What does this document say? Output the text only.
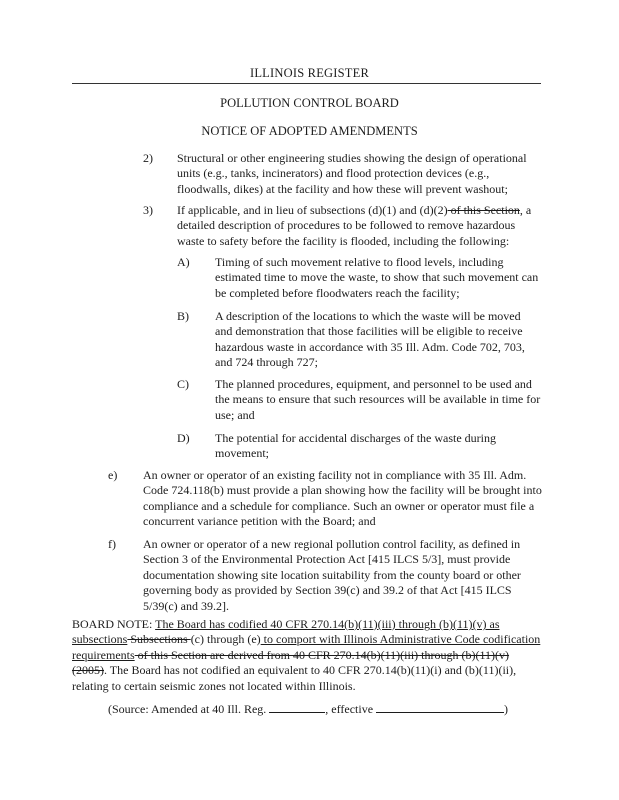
ILLINOIS REGISTER
POLLUTION CONTROL BOARD
NOTICE OF ADOPTED AMENDMENTS
2) Structural or other engineering studies showing the design of operational units (e.g., tanks, incinerators) and flood protection devices (e.g., floodwalls, dikes) at the facility and how these will prevent washout;
3) If applicable, and in lieu of subsections (d)(1) and (d)(2) of this Section, a detailed description of procedures to be followed to remove hazardous waste to safety before the facility is flooded, including the following:
A) Timing of such movement relative to flood levels, including estimated time to move the waste, to show that such movement can be completed before floodwaters reach the facility;
B) A description of the locations to which the waste will be moved and demonstration that those facilities will be eligible to receive hazardous waste in accordance with 35 Ill. Adm. Code 702, 703, and 724 through 727;
C) The planned procedures, equipment, and personnel to be used and the means to ensure that such resources will be available in time for use; and
D) The potential for accidental discharges of the waste during movement;
e) An owner or operator of an existing facility not in compliance with 35 Ill. Adm. Code 724.118(b) must provide a plan showing how the facility will be brought into compliance and a schedule for compliance. Such an owner or operator must file a concurrent variance petition with the Board; and
f) An owner or operator of a new regional pollution control facility, as defined in Section 3 of the Environmental Protection Act [415 ILCS 5/3], must provide documentation showing site location suitability from the county board or other governing body as provided by Section 39(c) and 39.2 of that Act [415 ILCS 5/39(c) and 39.2].
BOARD NOTE: The Board has codified 40 CFR 270.14(b)(11)(iii) through (b)(11)(v) as subsections Subsections (c) through (e) to comport with Illinois Administrative Code codification requirements of this Section are derived from 40 CFR 270.14(b)(11)(iii) through (b)(11)(v) (2005). The Board has not codified an equivalent to 40 CFR 270.14(b)(11)(i) and (b)(11)(ii), relating to certain seismic zones not located within Illinois.
(Source: Amended at 40 Ill. Reg.	, effective	)
